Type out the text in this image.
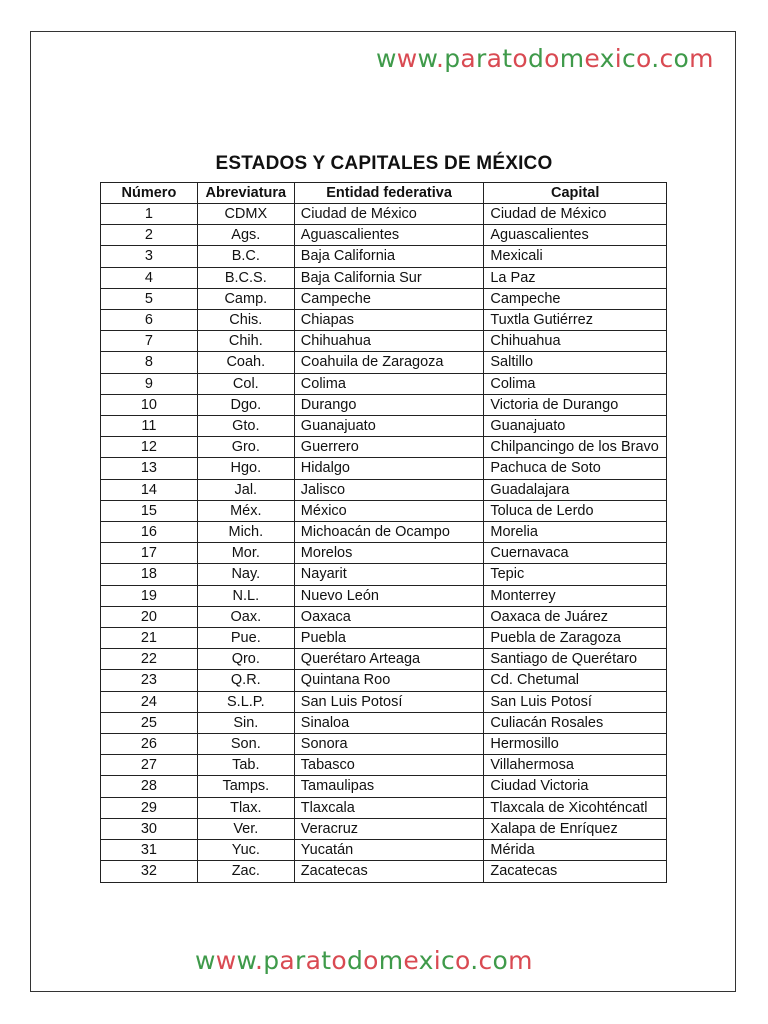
www.paratodomexico.com
ESTADOS Y CAPITALES DE MÉXICO
Número	Abreviatura	Entidad federativa	Capital
1	CDMX	Ciudad de México	Ciudad de México
2	Ags.	Aguascalientes	Aguascalientes
3	B.C.	Baja California	Mexicali
4	B.C.S.	Baja California Sur	La Paz
5	Camp.	Campeche	Campeche
6	Chis.	Chiapas	Tuxtla Gutiérrez
7	Chih.	Chihuahua	Chihuahua
8	Coah.	Coahuila de Zaragoza	Saltillo
9	Col.	Colima	Colima
10	Dgo.	Durango	Victoria de Durango
11	Gto.	Guanajuato	Guanajuato
12	Gro.	Guerrero	Chilpancingo de los Bravo
13	Hgo.	Hidalgo	Pachuca de Soto
14	Jal.	Jalisco	Guadalajara
15	Méx.	México	Toluca de Lerdo
16	Mich.	Michoacán de Ocampo	Morelia
17	Mor.	Morelos	Cuernavaca
18	Nay.	Nayarit	Tepic
19	N.L.	Nuevo León	Monterrey
20	Oax.	Oaxaca	Oaxaca de Juárez
21	Pue.	Puebla	Puebla de Zaragoza
22	Qro.	Querétaro Arteaga	Santiago de Querétaro
23	Q.R.	Quintana Roo	Cd. Chetumal
24	S.L.P.	San Luis Potosí	San Luis Potosí
25	Sin.	Sinaloa	Culiacán Rosales
26	Son.	Sonora	Hermosillo
27	Tab.	Tabasco	Villahermosa
28	Tamps.	Tamaulipas	Ciudad Victoria
29	Tlax.	Tlaxcala	Tlaxcala de Xicohténcatl
30	Ver.	Veracruz	Xalapa de Enríquez
31	Yuc.	Yucatán	Mérida
32	Zac.	Zacatecas	Zacatecas
www.paratodomexico.com
